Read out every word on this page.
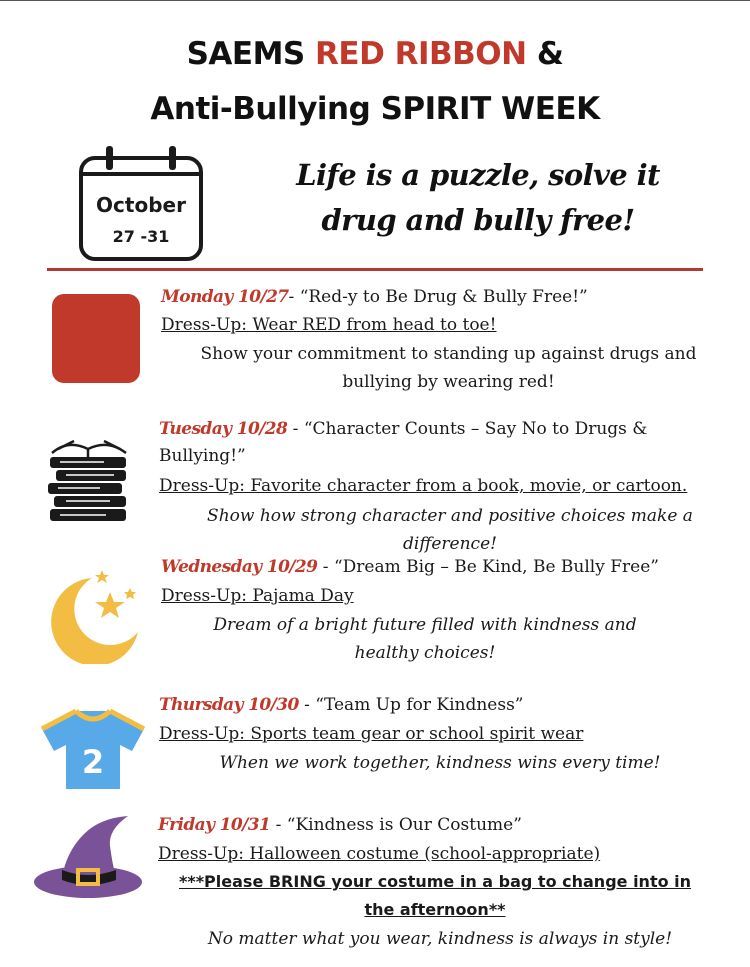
SAEMS RED RIBBON &
Anti-Bullying SPIRIT WEEK
October
27 -31
Life is a puzzle, solve it
drug and bully free!
Monday 10/27- “Red-y to Be Drug & Bully Free!”
Dress-Up: Wear RED from head to toe!
Show your commitment to standing up against drugs and
bullying by wearing red!
Tuesday 10/28 - “Character Counts – Say No to Drugs &
Bullying!”
Dress-Up: Favorite character from a book, movie, or cartoon.
Show how strong character and positive choices make a
difference!
Wednesday 10/29 - “Dream Big – Be Kind, Be Bully Free”
Dress-Up: Pajama Day
Dream of a bright future filled with kindness and
healthy choices!
2
Thursday 10/30 - “Team Up for Kindness”
Dress-Up: Sports team gear or school spirit wear
When we work together, kindness wins every time!
Friday 10/31 - “Kindness is Our Costume”
Dress-Up: Halloween costume (school-appropriate)
***Please BRING your costume in a bag to change into in
the afternoon**
No matter what you wear, kindness is always in style!
